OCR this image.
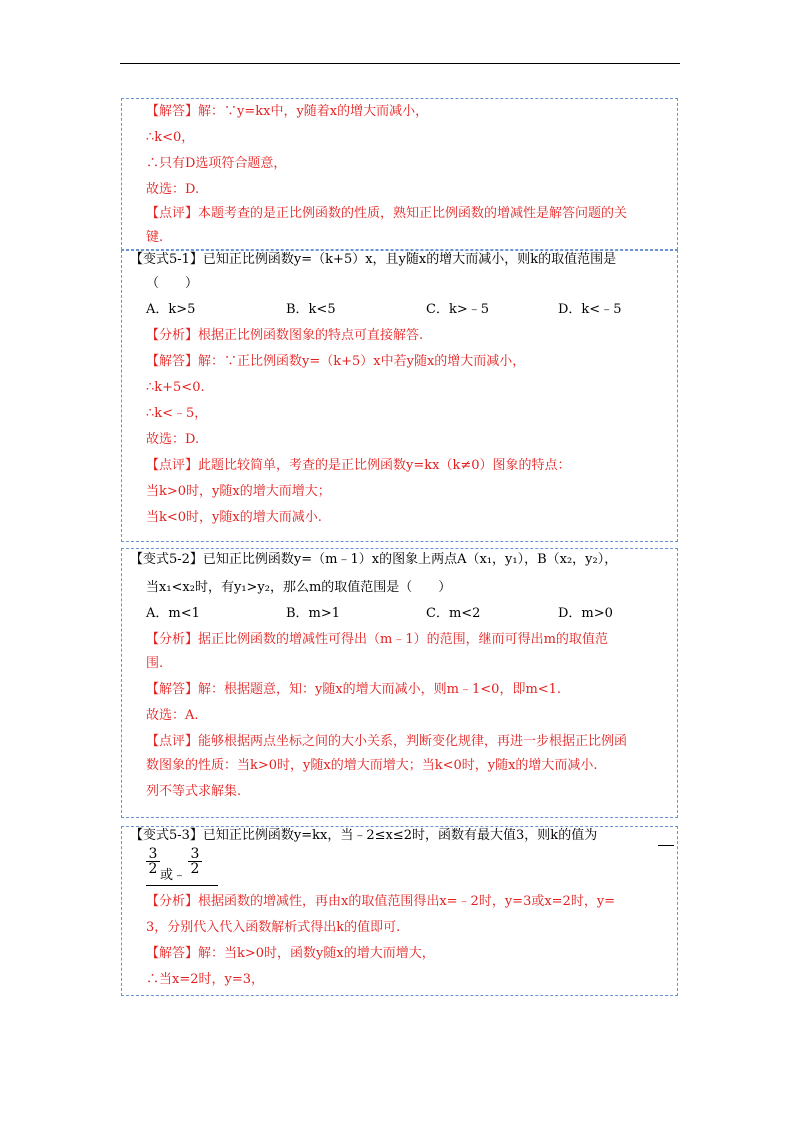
【解答】解：∵y=kx中，y随着x的增大而减小，
∴k<0，
∴只有D选项符合题意，
故选：D.
【点评】本题考查的是正比例函数的性质，熟知正比例函数的增减性是解答问题的关
键.
【变式5-1】已知正比例函数y=（k+5）x，且y随x的增大而减小，则k的取值范围是
（　　）
A．k>5	B．k<5	C．k>﹣5	D．k<﹣5
【分析】根据正比例函数图象的特点可直接解答.
【解答】解：∵正比例函数y=（k+5）x中若y随x的增大而减小，
∴k+5<0.
∴k<﹣5，
故选：D.
【点评】此题比较简单，考查的是正比例函数y=kx（k≠0）图象的特点：
当k>0时，y随x的增大而增大；
当k<0时，y随x的增大而减小.
【变式5-2】已知正比例函数y=（m﹣1）x的图象上两点A（x₁，y₁），B（x₂，y₂），
当x₁<x₂时，有y₁>y₂，那么m的取值范围是（　　）
A．m<1	B．m>1	C．m<2	D．m>0
【分析】据正比例函数的增减性可得出（m﹣1）的范围，继而可得出m的取值范
围.
【解答】解：根据题意，知：y随x的增大而减小，则m﹣1<0，即m<1.
故选：A.
【点评】能够根据两点坐标之间的大小关系，判断变化规律，再进一步根据正比例函
数图象的性质：当k>0时，y随x的增大而增大；当k<0时，y随x的增大而减小.
列不等式求解集.
【变式5-3】已知正比例函数y=kx，当﹣2≤x≤2时，函数有最大值3，则k的值为
$\frac{3}{2}$ 或﹣ $\frac{3}{2}$
【分析】根据函数的增减性，再由x的取值范围得出x=﹣2时，y=3或x=2时，y=
3，分别代入代入函数解析式得出k的值即可.
【解答】解：当k>0时，函数y随x的增大而增大，
∴当x=2时，y=3，
